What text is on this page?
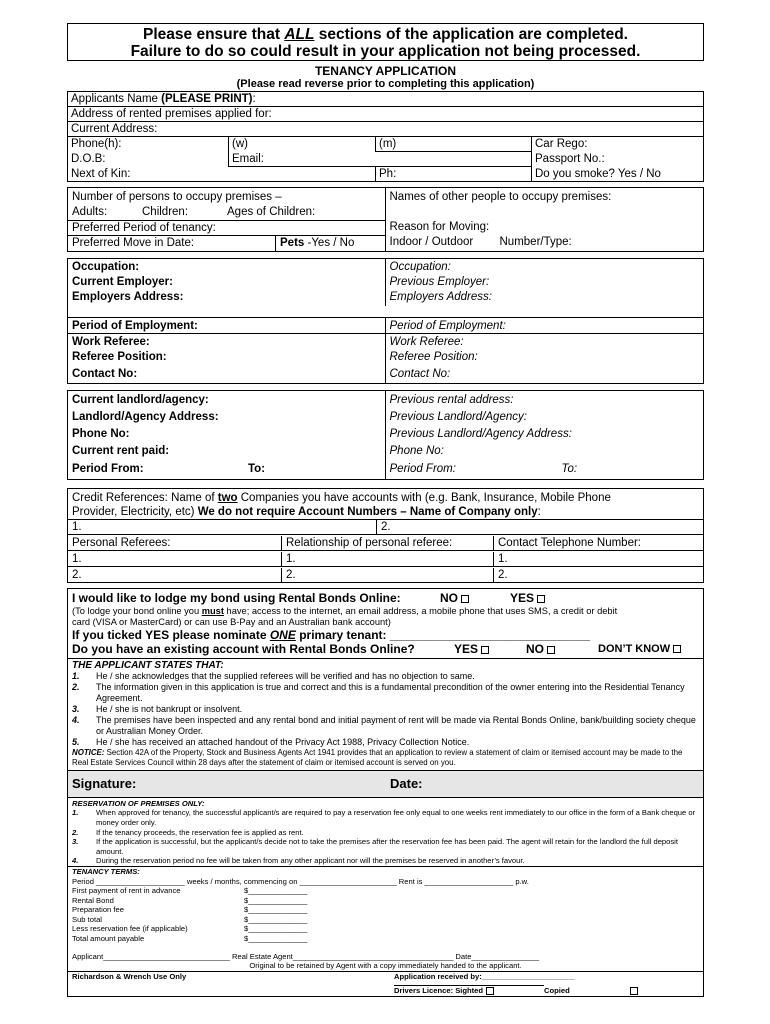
Please ensure that ALL sections of the application are completed.
Failure to do so could result in your application not being processed.
TENANCY APPLICATION
(Please read reverse prior to completing this application)
Applicants Name (PLEASE PRINT):			
Address of rented premises applied for:			
Current Address:			
Phone(h):	(w)	(m)	Car Rego:
D.O.B:	Email:		Passport No.:
Next of Kin:		Ph:	Do you smoke? Yes / No
Number of persons to occupy premises –
Adults:	Children:	Ages of Children:
Preferred Period of tenancy:
Preferred Move in Date:	Pets -Yes / No
Names of other people to occupy premises:
Reason for Moving:
Indoor / Outdoor	Number/Type:
Occupation:
Current Employer:
Employers Address:
Occupation:
Previous Employer:
Employers Address:
Period of Employment:
Work Referee:
Referee Position:
Contact No:
Period of Employment:
Work Referee:
Referee Position:
Contact No:
Current landlord/agency:
Landlord/Agency Address:
Phone No:
Current rent paid:
Period From:	To:
Previous rental address:
Previous Landlord/Agency:
Previous Landlord/Agency Address:
Phone No:
Period From:	To:
Credit References: Name of two Companies you have accounts with (e.g. Bank, Insurance, Mobile Phone
Provider, Electricity, etc) We do not require Account Numbers – Name of Company only:
1.	2.
Personal Referees:	Relationship of personal referee:	Contact Telephone Number:
1.	1.	1.
2.	2.	2.
I would like to lodge my bond using Rental Bonds Online:	NO	YES
(To lodge your bond online you must have; access to the internet, an email address, a mobile phone that uses SMS, a credit or debit
card (VISA or MasterCard) or can use B-Pay and an Australian bank account)
If you ticked YES please nominate ONE primary tenant: ______________________________
Do you have an existing account with Rental Bonds Online?	YES	NO	DON’T KNOW
THE APPLICANT STATES THAT:
1.	He / she acknowledges that the supplied referees will be verified and has no objection to same.
2.	The information given in this application is true and correct and this is a fundamental precondition of the owner entering into the Residential Tenancy Agreement.
3.	He / she is not bankrupt or insolvent.
4.	The premises have been inspected and any rental bond and initial payment of rent will be made via Rental Bonds Online, bank/building society cheque or Australian Money Order.
5.	He / she has received an attached handout of the Privacy Act 1988, Privacy Collection Notice.
NOTICE: Section 42A of the Property, Stock and Business Agents Act 1941 provides that an application to review a statement of claim or itemised account may be made to the Real Estate Services Council within 28 days after the statement of claim or itemised account is served on you.
Signature:	Date:
RESERVATION OF PREMISES ONLY:
1.	When approved for tenancy, the successful applicant/s are required to pay a reservation fee only equal to one weeks rent immediately to our office in the form of a Bank cheque or money order only.
2.	If the tenancy proceeds, the reservation fee is applied as rent.
3.	If the application is successful, but the applicant/s decide not to take the premises after the reservation fee has been paid. The agent will retain for the landlord the full deposit amount.
4.	During the reservation period no fee will be taken from any other applicant nor will the premises be reserved in another’s favour.
TENANCY TERMS:
Period _____________________ weeks / months, commencing on _______________________ Rent is _____________________ p.w.
First payment of rent in advance	$______________
Rental Bond	$______________
Preparation fee	$______________
Sub total	$______________
Less reservation fee (if applicable)	$______________
Total amount payable	$______________
Applicant______________________________ Real Estate Agent______________________________________ Date________________
Original to be retained by Agent with a copy immediately handed to the applicant.
Richardson & Wrench Use Only	Application received by:______________________
Drivers Licence: Sighted	Copied
